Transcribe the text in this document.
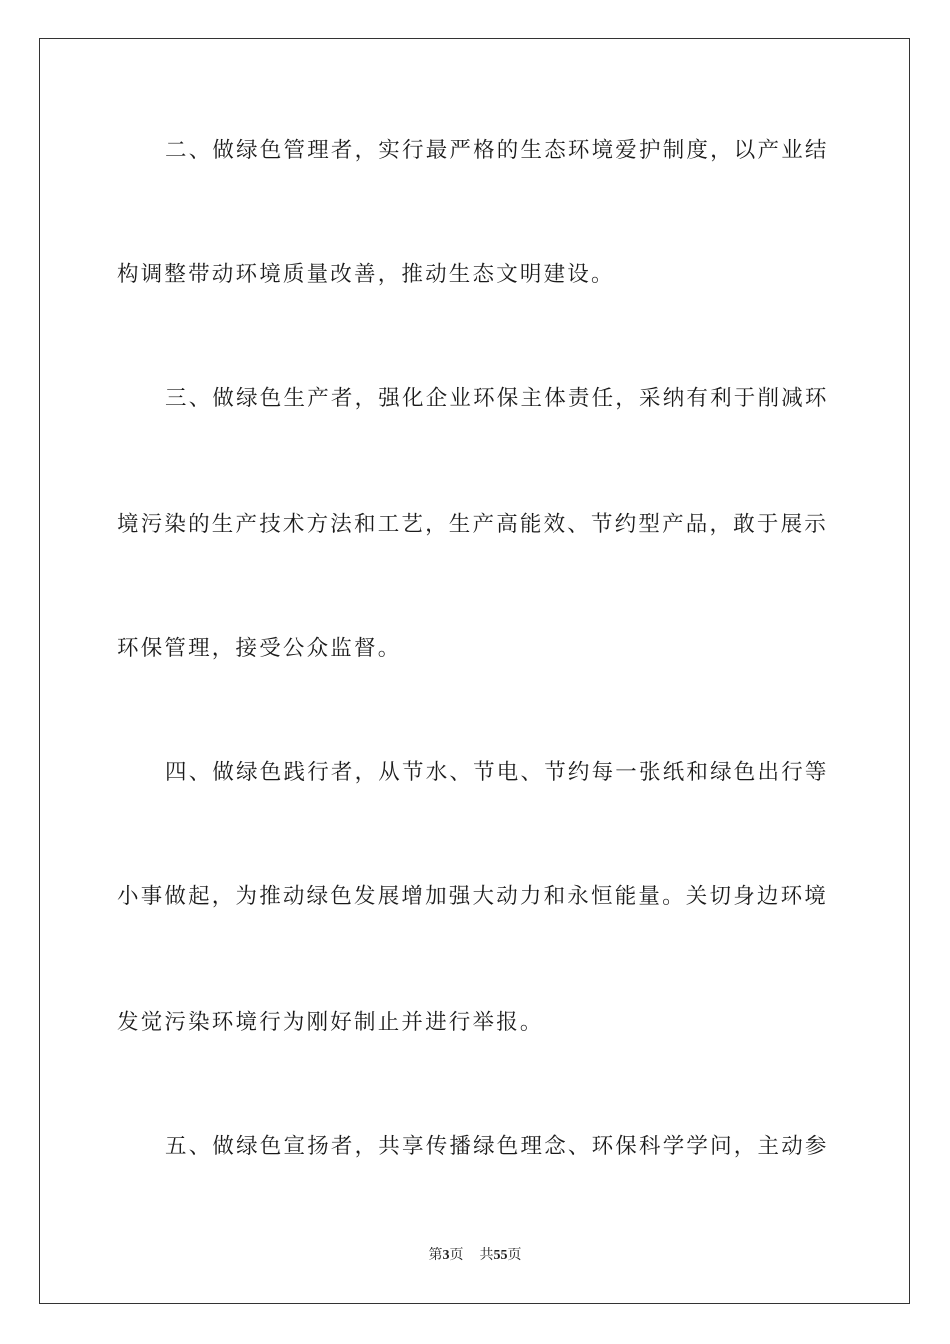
二、做绿色管理者，实行最严格的生态环境爱护制度，以产业结
构调整带动环境质量改善，推动生态文明建设。
三、做绿色生产者，强化企业环保主体责任，采纳有利于削减环
境污染的生产技术方法和工艺，生产高能效、节约型产品，敢于展示
环保管理，接受公众监督。
四、做绿色践行者，从节水、节电、节约每一张纸和绿色出行等
小事做起，为推动绿色发展增加强大动力和永恒能量。关切身边环境
发觉污染环境行为刚好制止并进行举报。
五、做绿色宣扬者，共享传播绿色理念、环保科学学问，主动参
第3页 共55页
